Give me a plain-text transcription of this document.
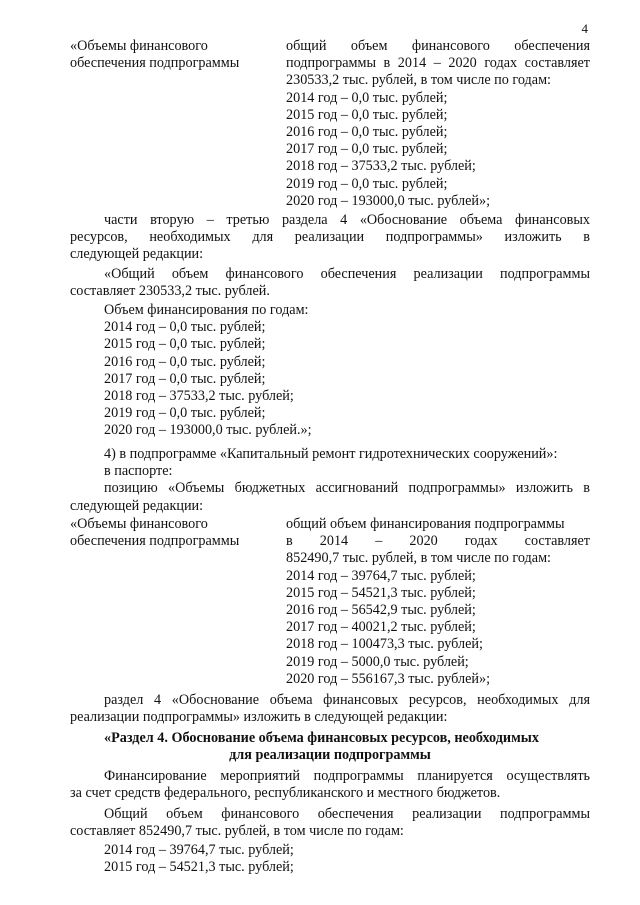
4
«Объемы финансового
обеспечения подпрограммы
общий объем финансового обеспечения
подпрограммы в 2014 – 2020 годах составляет
230533,2 тыс. рублей, в том числе по годам:
2014 год – 0,0 тыс. рублей;
2015 год – 0,0 тыс. рублей;
2016 год – 0,0 тыс. рублей;
2017 год – 0,0 тыс. рублей;
2018 год – 37533,2 тыс. рублей;
2019 год – 0,0 тыс. рублей;
2020 год – 193000,0 тыс. рублей»;
части вторую – третью раздела 4 «Обоснование объема финансовых
ресурсов, необходимых для реализации подпрограммы» изложить в
следующей редакции:
«Общий объем финансового обеспечения реализации подпрограммы
составляет 230533,2 тыс. рублей.
Объем финансирования по годам:
2014 год – 0,0 тыс. рублей;
2015 год – 0,0 тыс. рублей;
2016 год – 0,0 тыс. рублей;
2017 год – 0,0 тыс. рублей;
2018 год – 37533,2 тыс. рублей;
2019 год – 0,0 тыс. рублей;
2020 год – 193000,0 тыс. рублей.»;
4) в подпрограмме «Капитальный ремонт гидротехнических сооружений»:
в паспорте:
позицию «Объемы бюджетных ассигнований подпрограммы» изложить в
следующей редакции:
«Объемы финансового
обеспечения подпрограммы
общий объем финансирования подпрограммы
в 2014 – 2020 годах составляет
852490,7 тыс. рублей, в том числе по годам:
2014 год – 39764,7 тыс. рублей;
2015 год – 54521,3 тыс. рублей;
2016 год – 56542,9 тыс. рублей;
2017 год – 40021,2 тыс. рублей;
2018 год – 100473,3 тыс. рублей;
2019 год – 5000,0 тыс. рублей;
2020 год – 556167,3 тыс. рублей»;
раздел 4 «Обоснование объема финансовых ресурсов, необходимых для
реализации подпрограммы» изложить в следующей редакции:
«Раздел 4. Обоснование объема финансовых ресурсов, необходимых
для реализации подпрограммы
Финансирование мероприятий подпрограммы планируется осуществлять
за счет средств федерального, республиканского и местного бюджетов.
Общий объем финансового обеспечения реализации подпрограммы
составляет 852490,7 тыс. рублей, в том числе по годам:
2014 год – 39764,7 тыс. рублей;
2015 год – 54521,3 тыс. рублей;
